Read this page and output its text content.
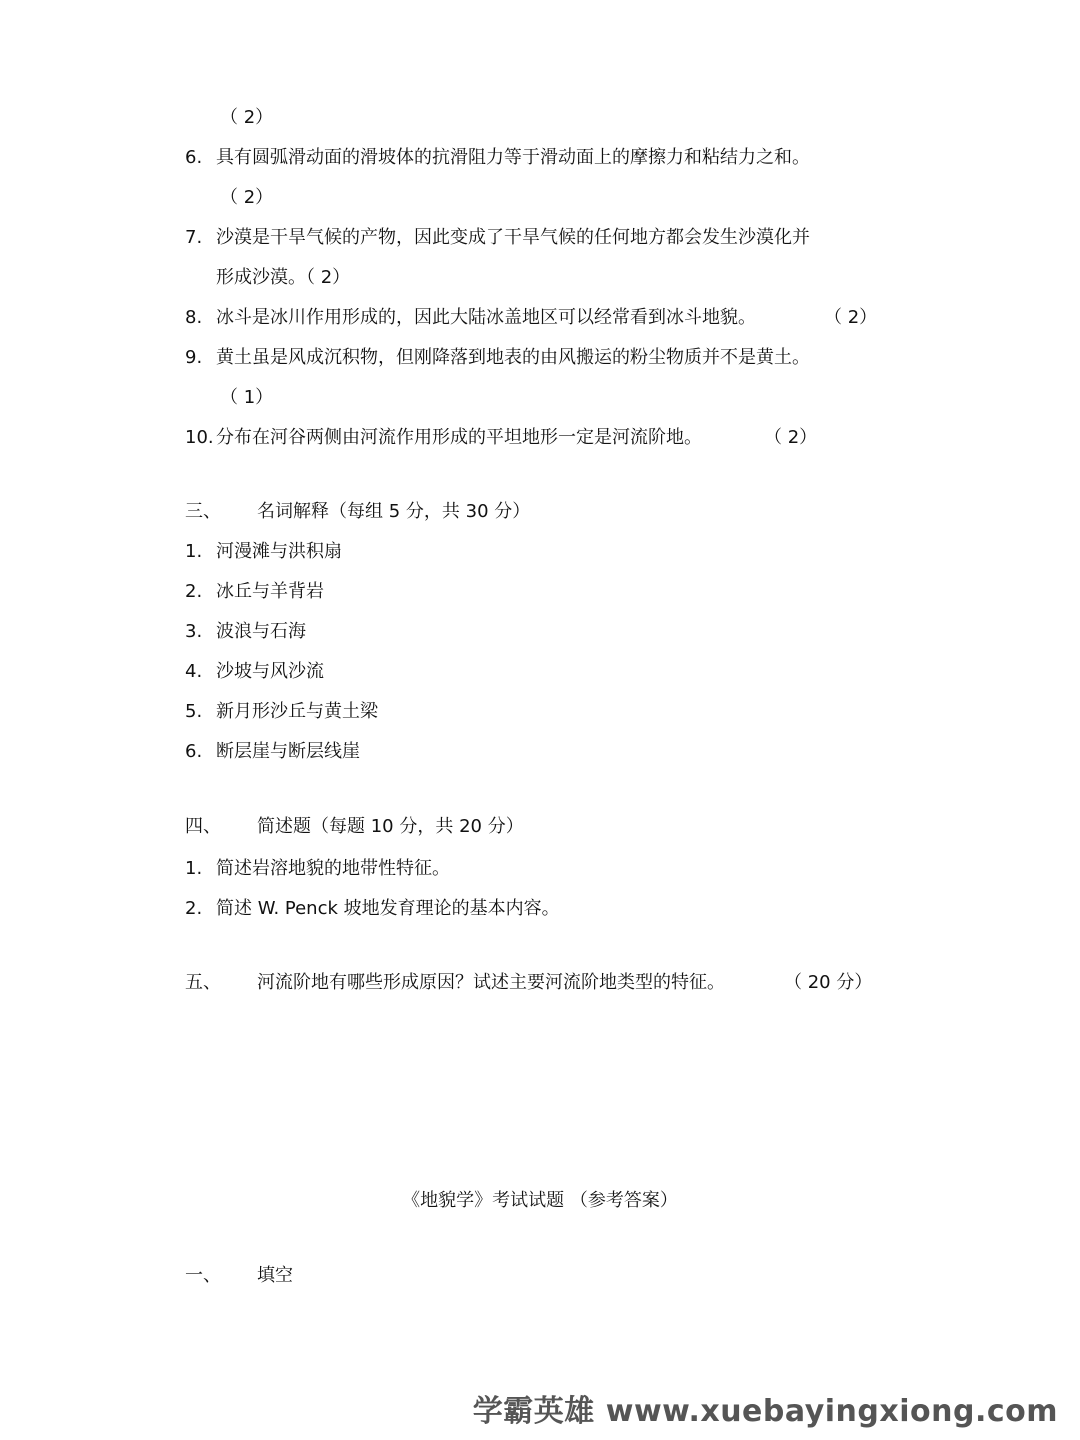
（ 2）
6. 具有圆弧滑动面的滑坡体的抗滑阻力等于滑动面上的摩擦力和粘结力之和。
（ 2）
7. 沙漠是干旱气候的产物，因此变成了干旱气候的任何地方都会发生沙漠化并
形成沙漠。（ 2）
8. 冰斗是冰川作用形成的，因此大陆冰盖地区可以经常看到冰斗地貌。	（ 2）
9. 黄土虽是风成沉积物，但刚降落到地表的由风搬运的粉尘物质并不是黄土。
（ 1）
10. 分布在河谷两侧由河流作用形成的平坦地形一定是河流阶地。	（ 2）
三、 名词解释（每组 5 分，共 30 分）
1. 河漫滩与洪积扇
2. 冰丘与羊背岩
3. 波浪与石海
4. 沙坡与风沙流
5. 新月形沙丘与黄土梁
6. 断层崖与断层线崖
四、 简述题（每题 10 分，共 20 分）
1. 简述岩溶地貌的地带性特征。
2. 简述 W. Penck 坡地发育理论的基本内容。
五、 河流阶地有哪些形成原因？试述主要河流阶地类型的特征。	（ 20 分）
《地貌学》考试试题 （参考答案）
一、 填空
学霸英雄 www.xuebayingxiong.com
